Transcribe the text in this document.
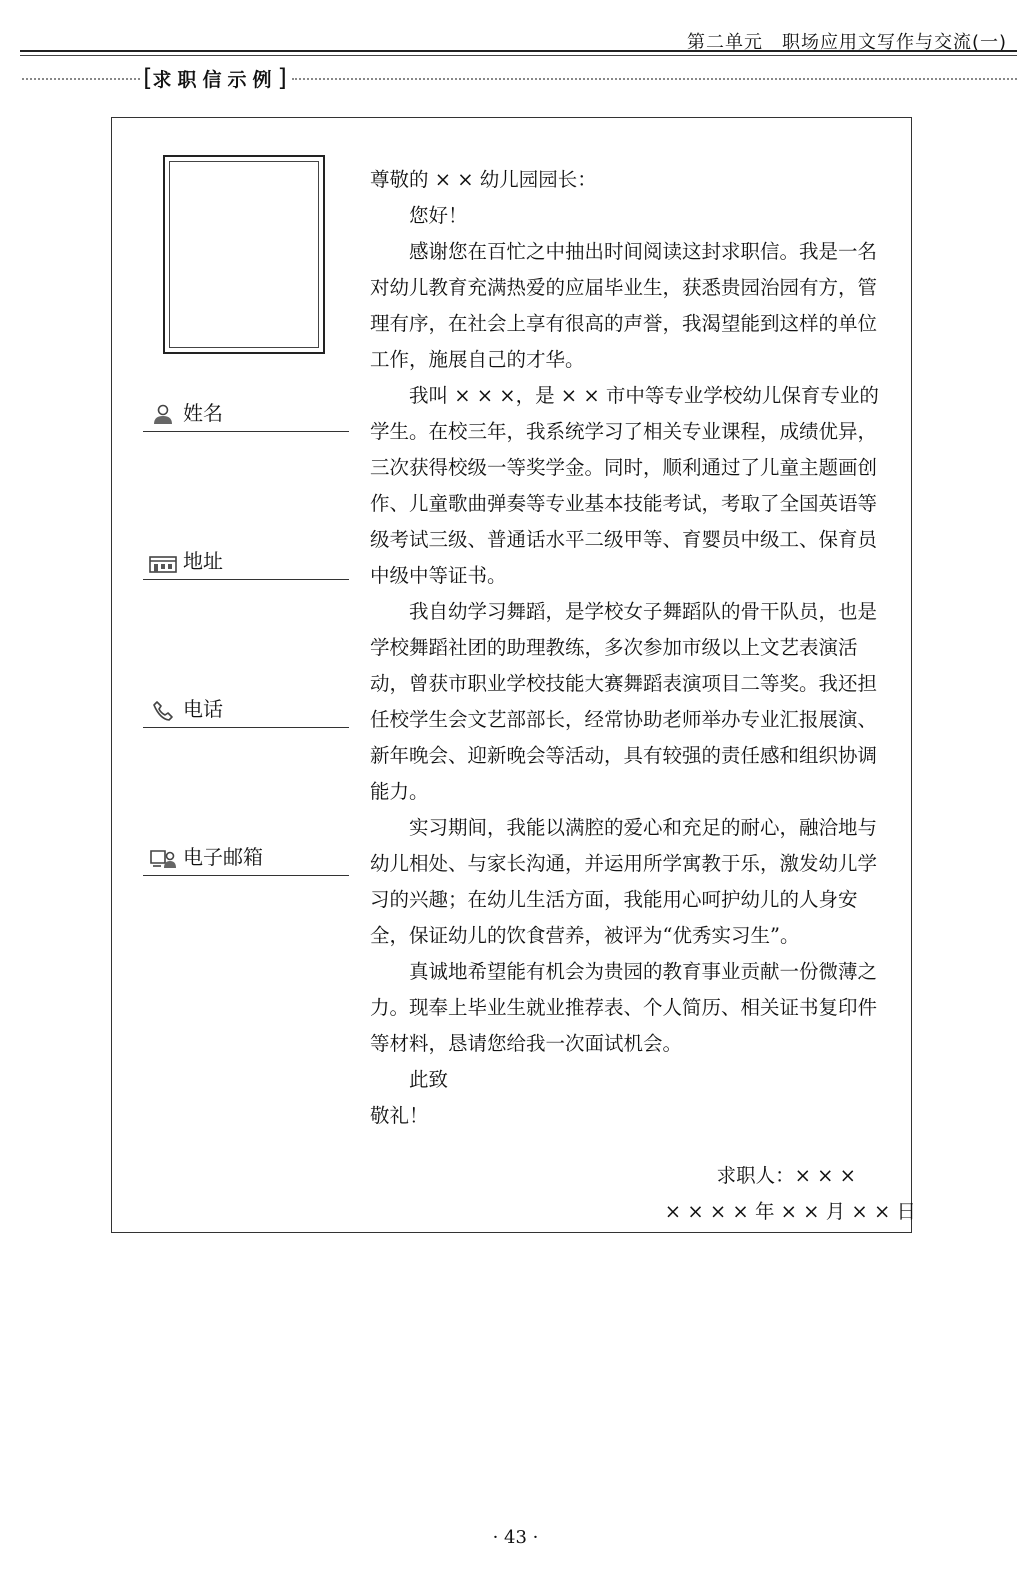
第二单元　职场应用文写作与交流(一)
[ 求职信示例 ]
姓名
地址
电话
电子邮箱

尊敬的 × × 幼儿园园长：

您好！

感谢您在百忙之中抽出时间阅读这封求职信。我是一名对幼儿教育充满热爱的应届毕业生，获悉贵园治园有方，管理有序，在社会上享有很高的声誉，我渴望能到这样的单位工作，施展自己的才华。

我叫 × × ×，是 × × 市中等专业学校幼儿保育专业的学生。在校三年，我系统学习了相关专业课程，成绩优异，三次获得校级一等奖学金。同时，顺利通过了儿童主题画创作、儿童歌曲弹奏等专业基本技能考试，考取了全国英语等级考试三级、普通话水平二级甲等、育婴员中级工、保育员中级中等证书。

我自幼学习舞蹈，是学校女子舞蹈队的骨干队员，也是学校舞蹈社团的助理教练，多次参加市级以上文艺表演活动，曾获市职业学校技能大赛舞蹈表演项目二等奖。我还担任校学生会文艺部部长，经常协助老师举办专业汇报展演、新年晚会、迎新晚会等活动，具有较强的责任感和组织协调能力。

实习期间，我能以满腔的爱心和充足的耐心，融洽地与幼儿相处、与家长沟通，并运用所学寓教于乐，激发幼儿学习的兴趣；在幼儿生活方面，我能用心呵护幼儿的人身安全，保证幼儿的饮食营养，被评为“优秀实习生”。

真诚地希望能有机会为贵园的教育事业贡献一份微薄之力。现奉上毕业生就业推荐表、个人简历、相关证书复印件等材料，恳请您给我一次面试机会。

此致

敬礼！

求职人：× × ×
× × × × 年 × × 月 × × 日
· 43 ·
